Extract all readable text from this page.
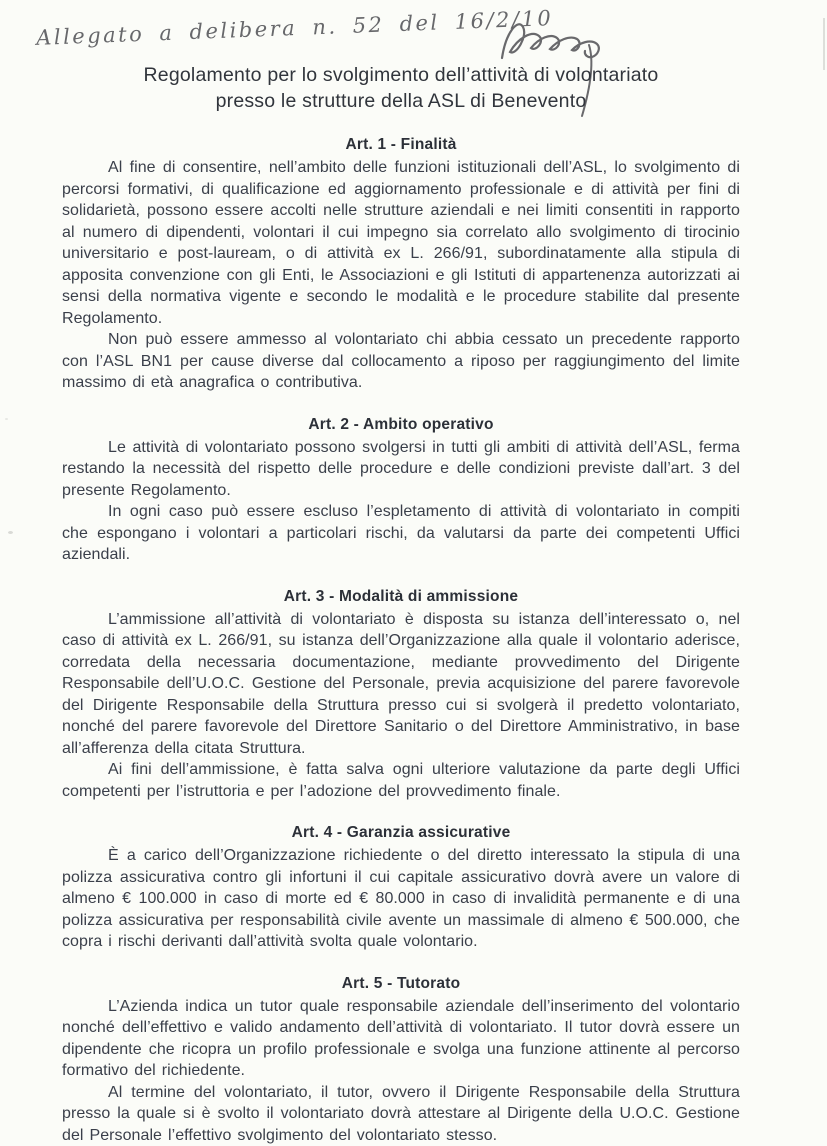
Allegato a delibera n. 52 del 16/2/10
Regolamento per lo svolgimento dell’attività di volontariato
presso le strutture della ASL di Benevento
Art. 1 - Finalità

Al fine di consentire, nell’ambito delle funzioni istituzionali dell’ASL, lo svolgimento di percorsi formativi, di qualificazione ed aggiornamento professionale e di attività per fini di solidarietà, possono essere accolti nelle strutture aziendali e nei limiti consentiti in rapporto al numero di dipendenti, volontari il cui impegno sia correlato allo svolgimento di tirocinio universitario e post-lauream, o di attività ex L. 266/91, subordinatamente alla stipula di apposita convenzione con gli Enti, le Associazioni e gli Istituti di appartenenza autorizzati ai sensi della normativa vigente e secondo le modalità e le procedure stabilite dal presente Regolamento.

Non può essere ammesso al volontariato chi abbia cessato un precedente rapporto con l’ASL BN1 per cause diverse dal collocamento a riposo per raggiungimento del limite massimo di età anagrafica o contributiva.

Art. 2 - Ambito operativo

Le attività di volontariato possono svolgersi in tutti gli ambiti di attività dell’ASL, ferma restando la necessità del rispetto delle procedure e delle condizioni previste dall’art. 3 del presente Regolamento.

In ogni caso può essere escluso l’espletamento di attività di volontariato in compiti che espongano i volontari a particolari rischi, da valutarsi da parte dei competenti Uffici aziendali.

Art. 3 - Modalità di ammissione

L’ammissione all’attività di volontariato è disposta su istanza dell’interessato o, nel caso di attività ex L. 266/91, su istanza dell’Organizzazione alla quale il volontario aderisce, corredata della necessaria documentazione, mediante provvedimento del Dirigente Responsabile dell’U.O.C. Gestione del Personale, previa acquisizione del parere favorevole del Dirigente Responsabile della Struttura presso cui si svolgerà il predetto volontariato, nonché del parere favorevole del Direttore Sanitario o del Direttore Amministrativo, in base all’afferenza della citata Struttura.

Ai fini dell’ammissione, è fatta salva ogni ulteriore valutazione da parte degli Uffici competenti per l’istruttoria e per l’adozione del provvedimento finale.

Art. 4 - Garanzia assicurative

È a carico dell’Organizzazione richiedente o del diretto interessato la stipula di una polizza assicurativa contro gli infortuni il cui capitale assicurativo dovrà avere un valore di almeno € 100.000 in caso di morte ed € 80.000 in caso di invalidità permanente e di una polizza assicurativa per responsabilità civile avente un massimale di almeno € 500.000, che copra i rischi derivanti dall’attività svolta quale volontario.

Art. 5 - Tutorato

L’Azienda indica un tutor quale responsabile aziendale dell’inserimento del volontario nonché dell’effettivo e valido andamento dell’attività di volontariato. Il tutor dovrà essere un dipendente che ricopra un profilo professionale e svolga una funzione attinente al percorso formativo del richiedente.

Al termine del volontariato, il tutor, ovvero il Dirigente Responsabile della Struttura presso la quale si è svolto il volontariato dovrà attestare al Dirigente della U.O.C. Gestione del Personale l’effettivo svolgimento del volontariato stesso.
